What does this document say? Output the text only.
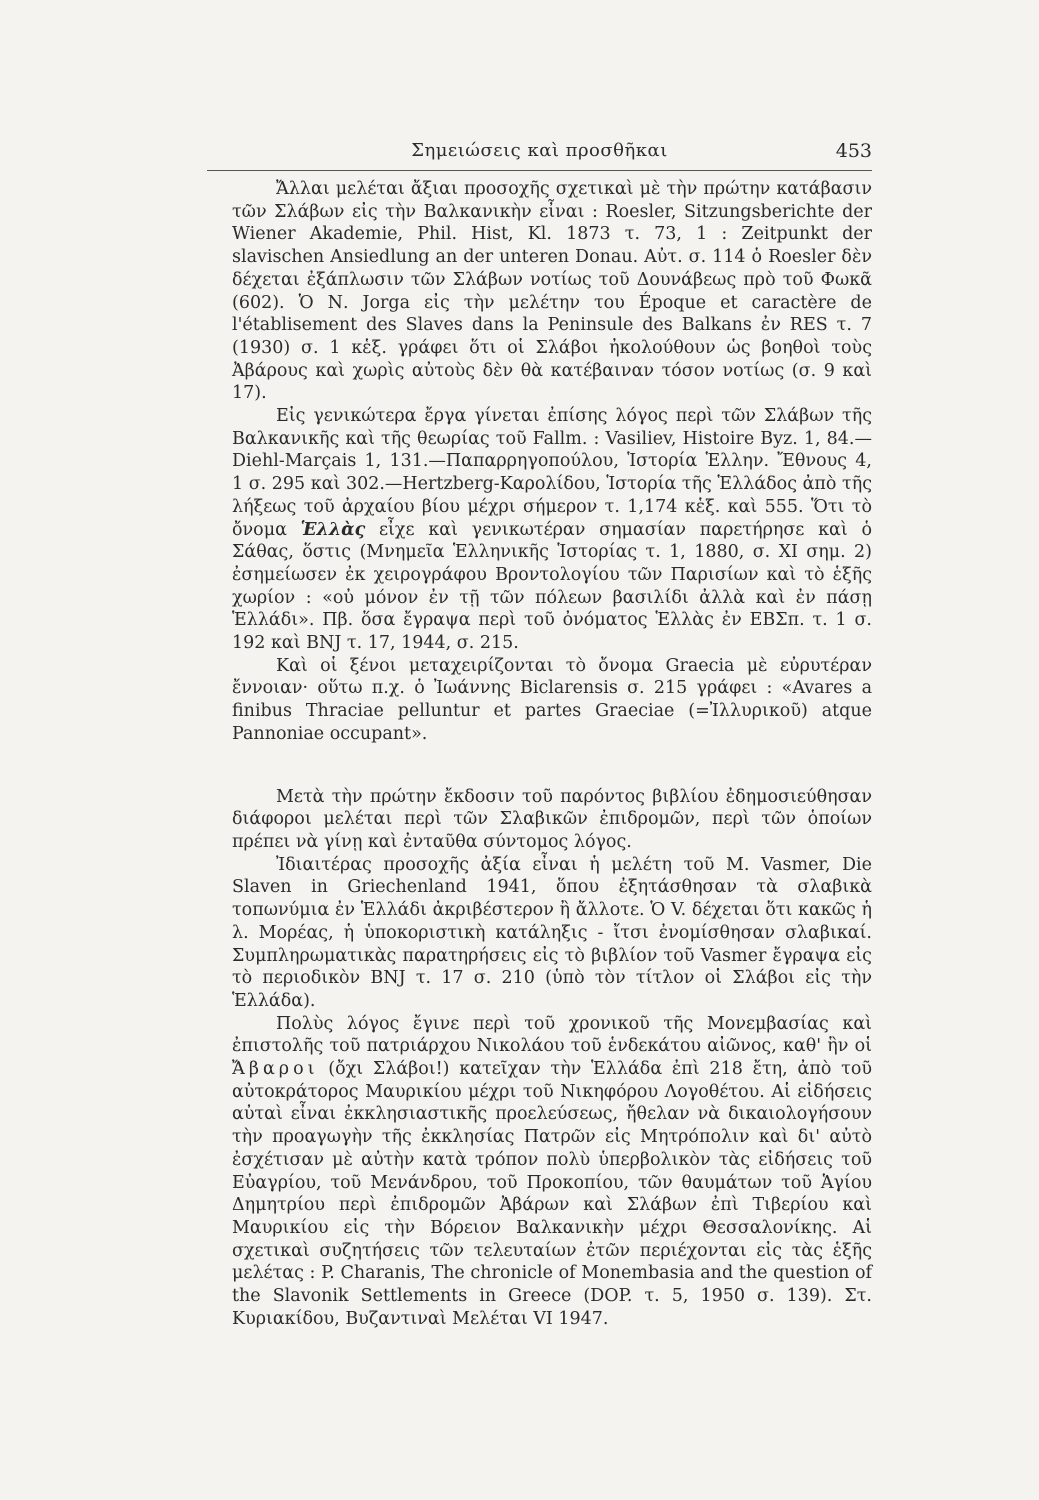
Σημειώσεις καὶ προσθῆκαι	453

Ἄλλαι μελέται ἄξιαι προσοχῆς σχετικαὶ μὲ τὴν πρώτην κατάβασιν τῶν Σλάβων εἰς τὴν Βαλκανικὴν εἶναι : Roesler, Sitzungsberichte der Wiener Akademie, Phil. Hist, Kl. 1873 τ. 73, 1 : Zeitpunkt der slavischen Ansiedlung an der unteren Donau. Αὐτ. σ. 114 ὁ Roesler δὲν δέχεται ἐξάπλωσιν τῶν Σλάβων νοτίως τοῦ Δουνάβεως πρὸ τοῦ Φωκᾶ (602). Ὁ Ν. Jorga εἰς τὴν μελέτην του Époque et caractère de l'établisement des Slaves dans la Peninsule des Balkans ἐν RES τ. 7 (1930) σ. 1 κἑξ. γράφει ὅτι οἱ Σλάβοι ἠκολούθουν ὡς βοηθοὶ τοὺς Ἀβάρους καὶ χωρὶς αὐτοὺς δὲν θὰ κατέβαιναν τόσον νοτίως (σ. 9 καὶ 17).

Εἰς γενικώτερα ἔργα γίνεται ἐπίσης λόγος περὶ τῶν Σλάβων τῆς Βαλκανικῆς καὶ τῆς θεωρίας τοῦ Fallm. : Vasiliev, Histoire Byz. 1, 84.— Diehl-Marçais 1, 131.—Παπαρρηγοπούλου, Ἱστορία Ἑλλην. Ἔθνους 4, 1 σ. 295 καὶ 302.—Hertzberg-Καρολίδου, Ἱστορία τῆς Ἑλλάδος ἀπὸ τῆς λήξεως τοῦ ἀρχαίου βίου μέχρι σήμερον τ. 1,174 κἑξ. καὶ 555. Ὅτι τὸ ὄνομα Ἑλλὰς εἶχε καὶ γενικωτέραν σημασίαν παρετήρησε καὶ ὁ Σάθας, ὅστις (Μνημεῖα Ἑλληνικῆς Ἱστορίας τ. 1, 1880, σ. XI σημ. 2) ἐσημείωσεν ἐκ χειρογράφου Βροντολογίου τῶν Παρισίων καὶ τὸ ἑξῆς χωρίον : «οὐ μόνον ἐν τῇ τῶν πόλεων βασιλίδι ἀλλὰ καὶ ἐν πάσῃ Ἑλλάδι». Πβ. ὅσα ἔγραψα περὶ τοῦ ὀνόματος Ἑλλὰς ἐν ΕΒΣπ. τ. 1 σ. 192 καὶ BNJ τ. 17, 1944, σ. 215.

Καὶ οἱ ξένοι μεταχειρίζονται τὸ ὄνομα Graecia μὲ εὐρυτέραν ἔννοιαν· οὕτω π.χ. ὁ Ἰωάννης Biclarensis σ. 215 γράφει : «Avares a finibus Thraciae pelluntur et partes Graeciae (=Ἰλλυρικοῦ) atque Pannoniae occupant».

Μετὰ τὴν πρώτην ἔκδοσιν τοῦ παρόντος βιβλίου ἐδημοσιεύθησαν διάφοροι μελέται περὶ τῶν Σλαβικῶν ἐπιδρομῶν, περὶ τῶν ὁποίων πρέπει νὰ γίνῃ καὶ ἐνταῦθα σύντομος λόγος.

Ἰδιαιτέρας προσοχῆς ἀξία εἶναι ἡ μελέτη τοῦ M. Vasmer, Die Slaven in Griechenland 1941, ὅπου ἐξητάσθησαν τὰ σλαβικὰ τοπωνύμια ἐν Ἑλλάδι ἀκριβέστερον ἢ ἄλλοτε. Ὁ V. δέχεται ὅτι κακῶς ἡ λ. Μορέας, ἡ ὑποκοριστικὴ κατάληξις - ἴτσι ἐνομίσθησαν σλαβικαί. Συμπληρωματικὰς παρατηρήσεις εἰς τὸ βιβλίον τοῦ Vasmer ἔγραψα εἰς τὸ περιοδικὸν BNJ τ. 17 σ. 210 (ὑπὸ τὸν τίτλον οἱ Σλάβοι εἰς τὴν Ἑλλάδα).

Πολὺς λόγος ἔγινε περὶ τοῦ χρονικοῦ τῆς Μονεμβασίας καὶ ἐπιστολῆς τοῦ πατριάρχου Νικολάου τοῦ ἑνδεκάτου αἰῶνος, καθ' ἣν οἱ Ἄβαροι (ὄχι Σλάβοι!) κατεῖχαν τὴν Ἑλλάδα ἐπὶ 218 ἔτη, ἀπὸ τοῦ αὐτοκράτορος Μαυρικίου μέχρι τοῦ Νικηφόρου Λογοθέτου. Αἱ εἰδήσεις αὐταὶ εἶναι ἐκκλησιαστικῆς προελεύσεως, ἤθελαν νὰ δικαιολογήσουν τὴν προαγωγὴν τῆς ἐκκλησίας Πατρῶν εἰς Μητρόπολιν καὶ δι' αὐτὸ ἐσχέτισαν μὲ αὐτὴν κατὰ τρόπον πολὺ ὑπερβολικὸν τὰς εἰδήσεις τοῦ Εὐαγρίου, τοῦ Μενάνδρου, τοῦ Προκοπίου, τῶν θαυμάτων τοῦ Ἁγίου Δημητρίου περὶ ἐπιδρομῶν Ἀβάρων καὶ Σλάβων ἐπὶ Τιβερίου καὶ Μαυρικίου εἰς τὴν Βόρειον Βαλκανικὴν μέχρι Θεσσαλονίκης. Αἱ σχετικαὶ συζητήσεις τῶν τελευταίων ἐτῶν περιέχονται εἰς τὰς ἑξῆς μελέτας : P. Charanis, The chronicle of Monembasia and the question of the Slavonik Settlements in Greece (DOP. τ. 5, 1950 σ. 139). Στ. Κυριακίδου, Βυζαντιναὶ Μελέται VI 1947.
